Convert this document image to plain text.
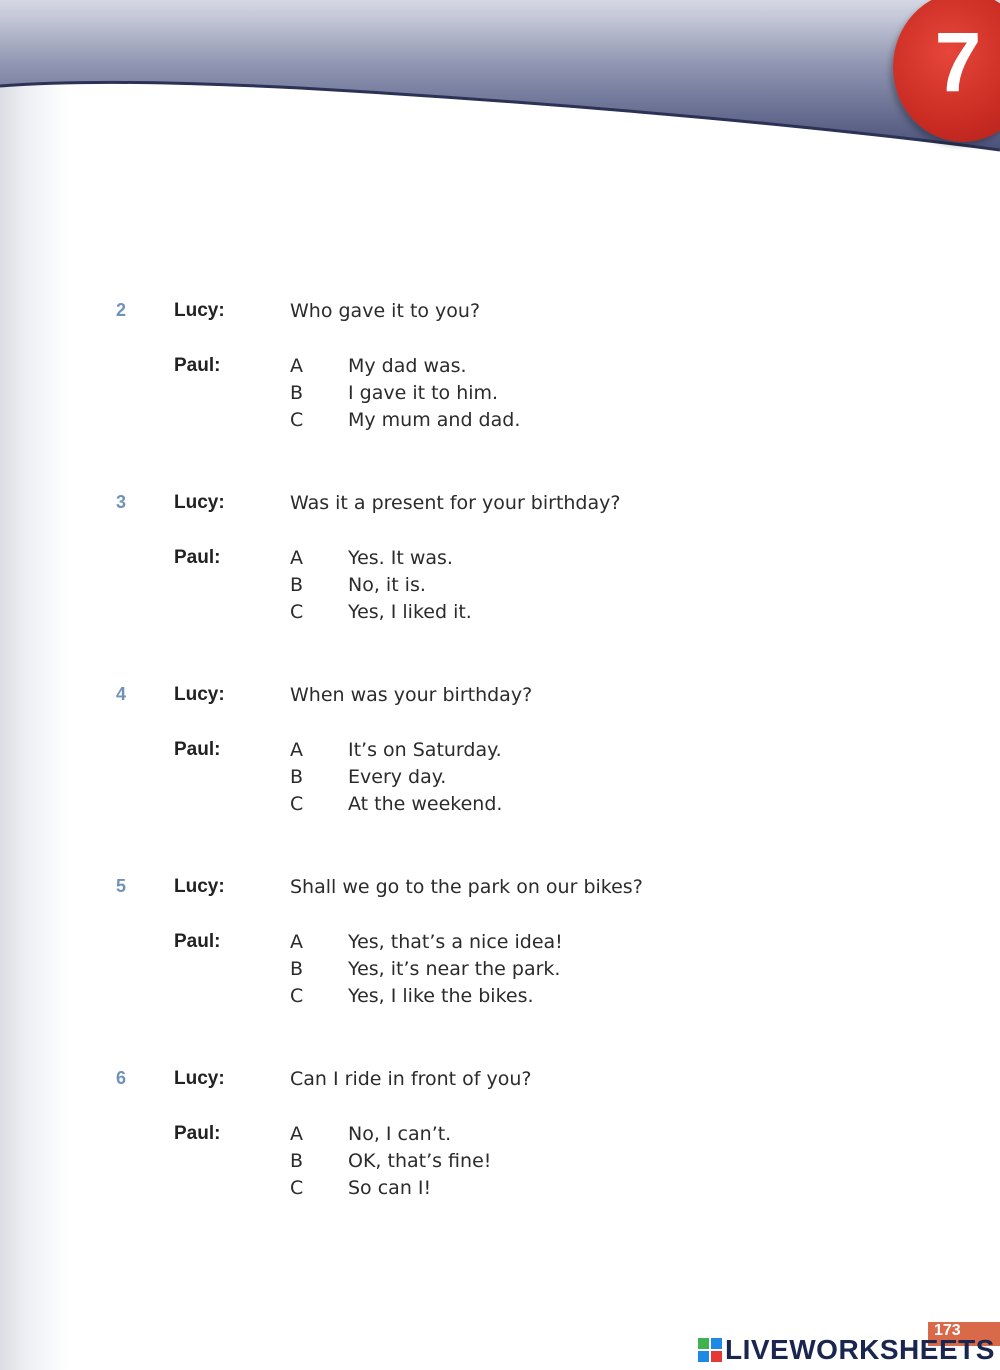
7
2	Lucy:	Who gave it to you?
Paul:	A My dad was.
B I gave it to him.
C My mum and dad.
3	Lucy:	Was it a present for your birthday?
Paul:	A Yes. It was.
B No, it is.
C Yes, I liked it.
4	Lucy:	When was your birthday?
Paul:	A It’s on Saturday.
B Every day.
C At the weekend.
5	Lucy:	Shall we go to the park on our bikes?
Paul:	A Yes, that’s a nice idea!
B Yes, it’s near the park.
C Yes, I like the bikes.
6	Lucy:	Can I ride in front of you?
Paul:	A No, I can’t.
B OK, that’s fine!
C So can I!
173
LIVEWORKSHEETS
